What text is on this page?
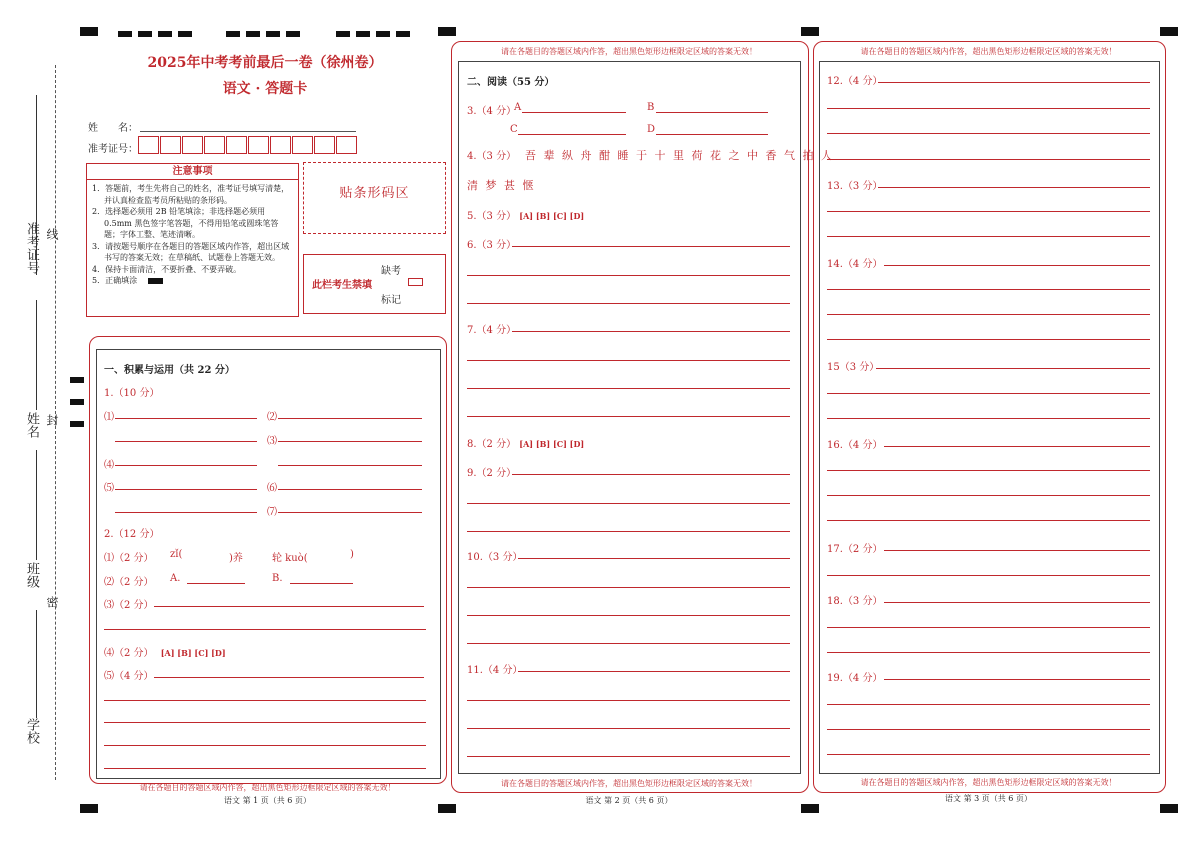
准考证号 线
姓名 封
班级
密
学校
2025年中考考前最后一卷（徐州卷）
语文 · 答题卡
姓　　名：
准考证号：
注意事项
1．答题前，考生先将自己的姓名，准考证号填写清楚，并认真检查监考员所粘贴的条形码。
2．选择题必须用 2B 铅笔填涂；非选择题必须用 0.5mm 黑色签字笔答题，不得用铅笔或圆珠笔答题；字体工整、笔迹清晰。
3．请按题号顺序在各题目的答题区域内作答，超出区域书写的答案无效；在草稿纸、试题卷上答题无效。
4．保持卡面清洁，不要折叠、不要弄破。
5．正确填涂
贴条形码区
此栏考生禁填
缺考
标记
请在各题目的答题区域内作答，超出黑色矩形边框限定区域的答案无效！
语文 第 1 页（共 6 页）
一、积累与运用（共 22 分）
1.（10 分）
⑴	⑵
⑶
⑷
⑸	⑹
⑺
2.（12 分）
⑴（2 分） zǐ(	)养	轮 kuò(	)
⑵（2 分） A.	B.
⑶（2 分）
⑷（2 分） [A] [B] [C] [D]
⑸（4 分）
请在各题目的答题区域内作答，超出黑色矩形边框限定区域的答案无效！
请在各题目的答题区域内作答，超出黑色矩形边框限定区域的答案无效！
语文 第 2 页（共 6 页）
二、阅读（55 分）
3.（4 分）
A	B
C	D
4.（3 分） 吾 辈 纵 舟 酣 睡 于 十 里 荷 花 之 中 香 气 拍 人
清 梦 甚 惬
5.（3 分） [A] [B] [C] [D]
6.（3 分）
7.（4 分）
8.（2 分） [A] [B] [C] [D]
9.（2 分）
10.（3 分）
11.（4 分）
请在各题目的答题区域内作答，超出黑色矩形边框限定区域的答案无效！
请在各题目的答题区域内作答，超出黑色矩形边框限定区域的答案无效！
语文 第 3 页（共 6 页）
12.（4 分）
13.（3 分）
14.（4 分）
15（3 分）
16.（4 分）
17.（2 分）
18.（3 分）
19.（4 分）
